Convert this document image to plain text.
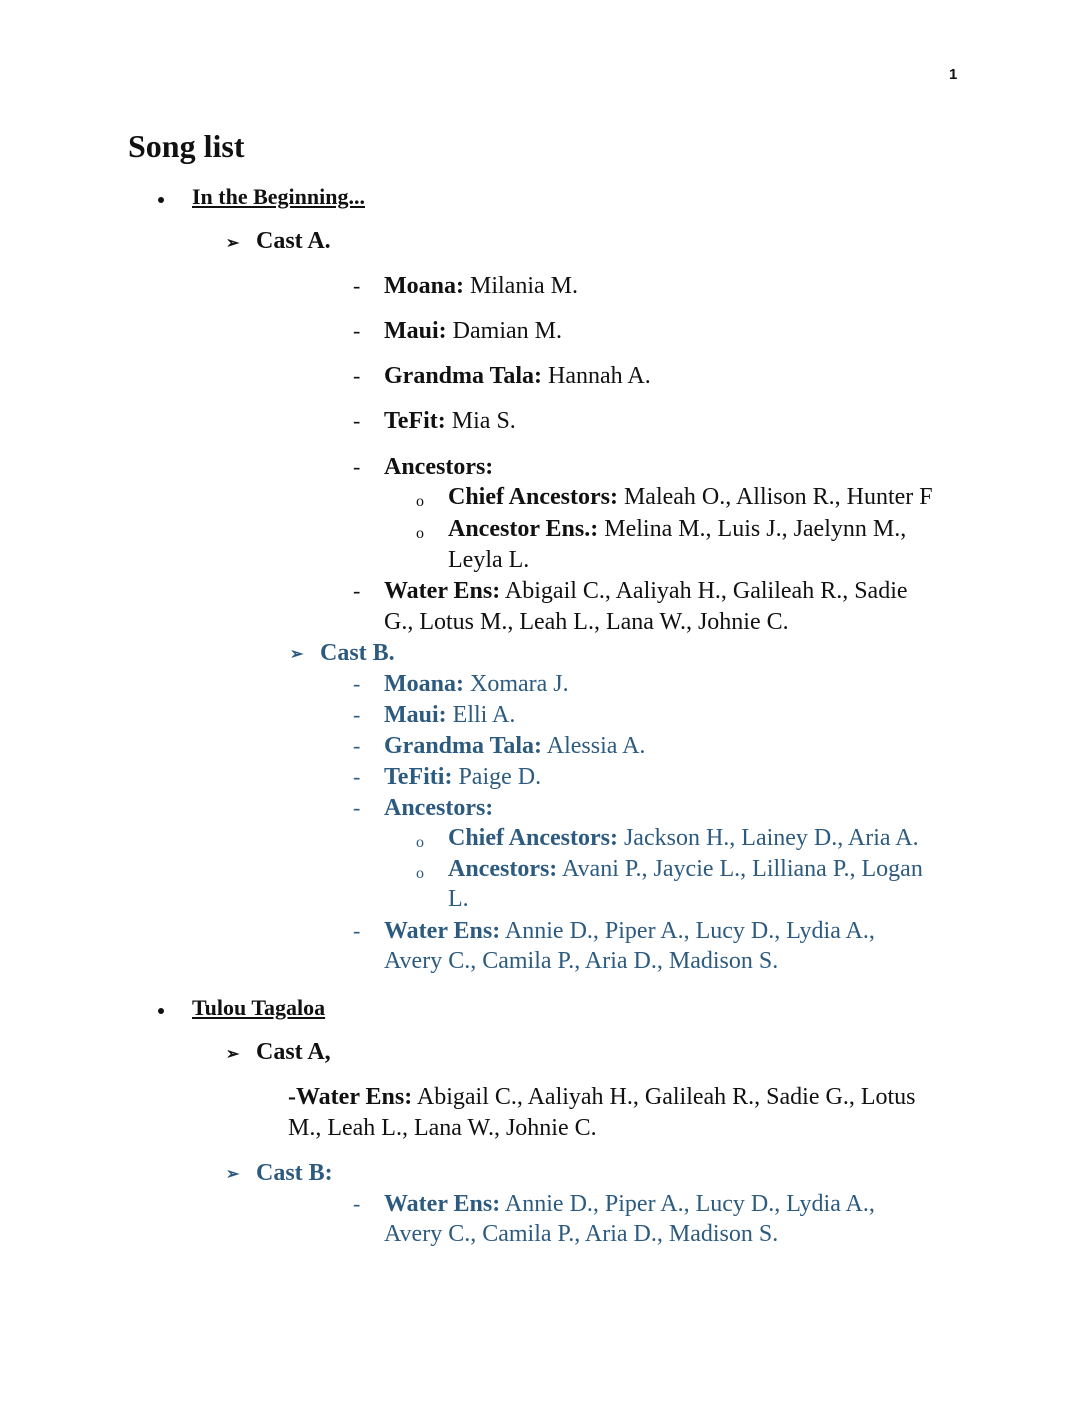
1
Song list
In the Beginning...
➢ Cast A.
- Moana: Milania M.
- Maui: Damian M.
- Grandma Tala: Hannah A.
- TeFit: Mia S.
- Ancestors:
o Chief Ancestors: Maleah O., Allison R., Hunter F
o Ancestor Ens.: Melina M., Luis J., Jaelynn M.,
Leyla L.
- Water Ens: Abigail C., Aaliyah H., Galileah R., Sadie
G., Lotus M., Leah L., Lana W., Johnie C.
➢ Cast B.
- Moana: Xomara J.
- Maui: Elli A.
- Grandma Tala: Alessia A.
- TeFiti: Paige D.
- Ancestors:
o Chief Ancestors: Jackson H., Lainey D., Aria A.
o Ancestors: Avani P., Jaycie L., Lilliana P., Logan
L.
- Water Ens: Annie D., Piper A., Lucy D., Lydia A.,
Avery C., Camila P., Aria D., Madison S.
Tulou Tagaloa
➢ Cast A,
-Water Ens: Abigail C., Aaliyah H., Galileah R., Sadie G., Lotus
M., Leah L., Lana W., Johnie C.
➢ Cast B:
- Water Ens: Annie D., Piper A., Lucy D., Lydia A.,
Avery C., Camila P., Aria D., Madison S.
